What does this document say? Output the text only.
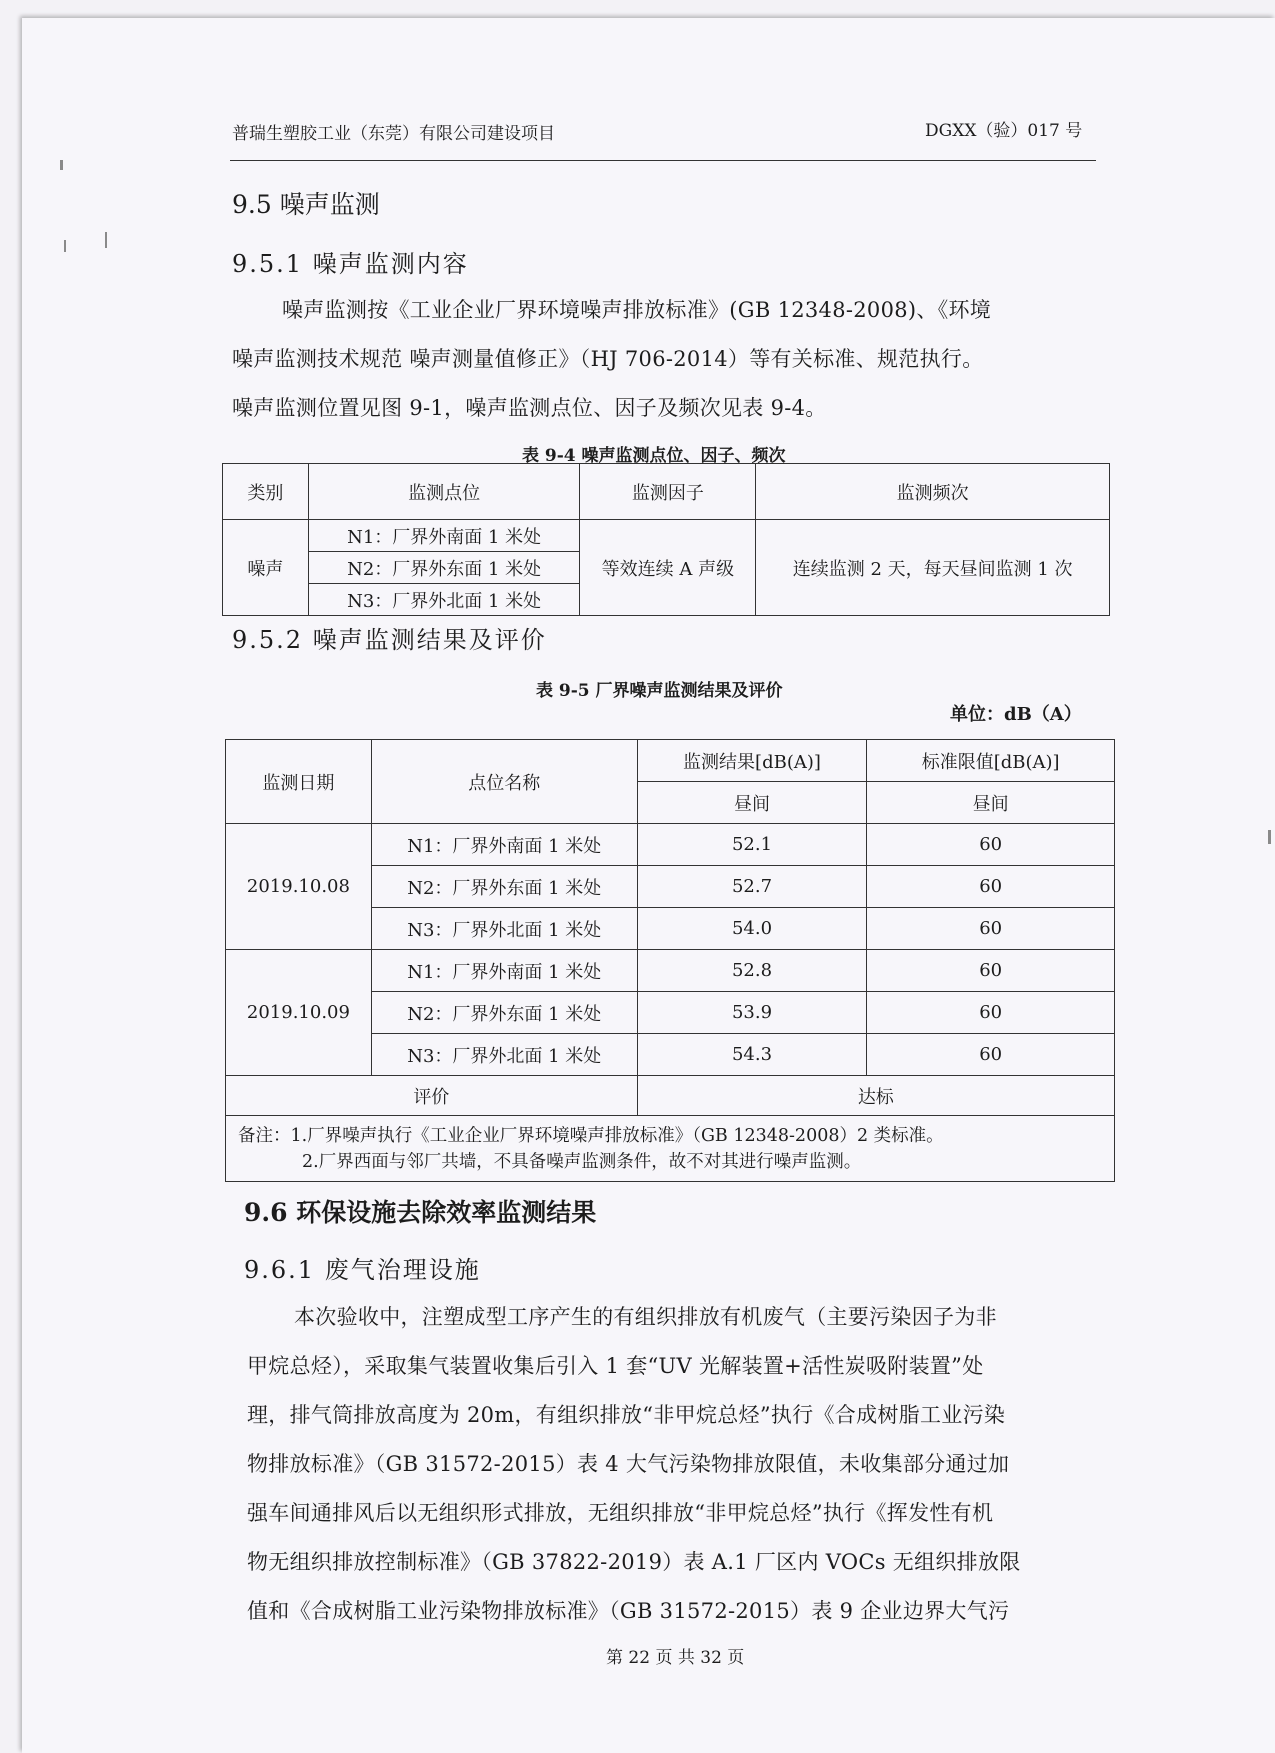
普瑞生塑胶工业（东莞）有限公司建设项目	DGXX（验）017 号
9.5 噪声监测
9.5.1 噪声监测内容
噪声监测按《工业企业厂界环境噪声排放标准》(GB 12348-2008)、《环境
噪声监测技术规范 噪声测量值修正》（HJ 706-2014）等有关标准、规范执行。
噪声监测位置见图 9-1，噪声监测点位、因子及频次见表 9-4。
表 9-4 噪声监测点位、因子、频次
类别	监测点位	监测因子	监测频次
噪声	N1：厂界外南面 1 米处	等效连续 A 声级	连续监测 2 天，每天昼间监测 1 次
	N2：厂界外东面 1 米处		
	N3：厂界外北面 1 米处		
9.5.2 噪声监测结果及评价
表 9-5 厂界噪声监测结果及评价
单位：dB（A）
监测日期	点位名称	监测结果[dB(A)]	标准限值[dB(A)]
		昼间	昼间
2019.10.08	N1：厂界外南面 1 米处	52.1	60
	N2：厂界外东面 1 米处	52.7	60
	N3：厂界外北面 1 米处	54.0	60
2019.10.09	N1：厂界外南面 1 米处	52.8	60
	N2：厂界外东面 1 米处	53.9	60
	N3：厂界外北面 1 米处	54.3	60
评价		达标	

备注：1.厂界噪声执行《工业企业厂界环境噪声排放标准》（GB 12348-2008）2 类标准。
2.厂界西面与邻厂共墙，不具备噪声监测条件，故不对其进行噪声监测。			
9.6 环保设施去除效率监测结果
9.6.1 废气治理设施
本次验收中，注塑成型工序产生的有组织排放有机废气（主要污染因子为非
甲烷总烃），采取集气装置收集后引入 1 套“UV 光解装置+活性炭吸附装置”处
理，排气筒排放高度为 20m，有组织排放“非甲烷总烃”执行《合成树脂工业污染
物排放标准》（GB 31572-2015）表 4 大气污染物排放限值，未收集部分通过加
强车间通排风后以无组织形式排放，无组织排放“非甲烷总烃”执行《挥发性有机
物无组织排放控制标准》（GB 37822-2019）表 A.1 厂区内 VOCs 无组织排放限
值和《合成树脂工业污染物排放标准》（GB 31572-2015）表 9 企业边界大气污
第 22 页 共 32 页
